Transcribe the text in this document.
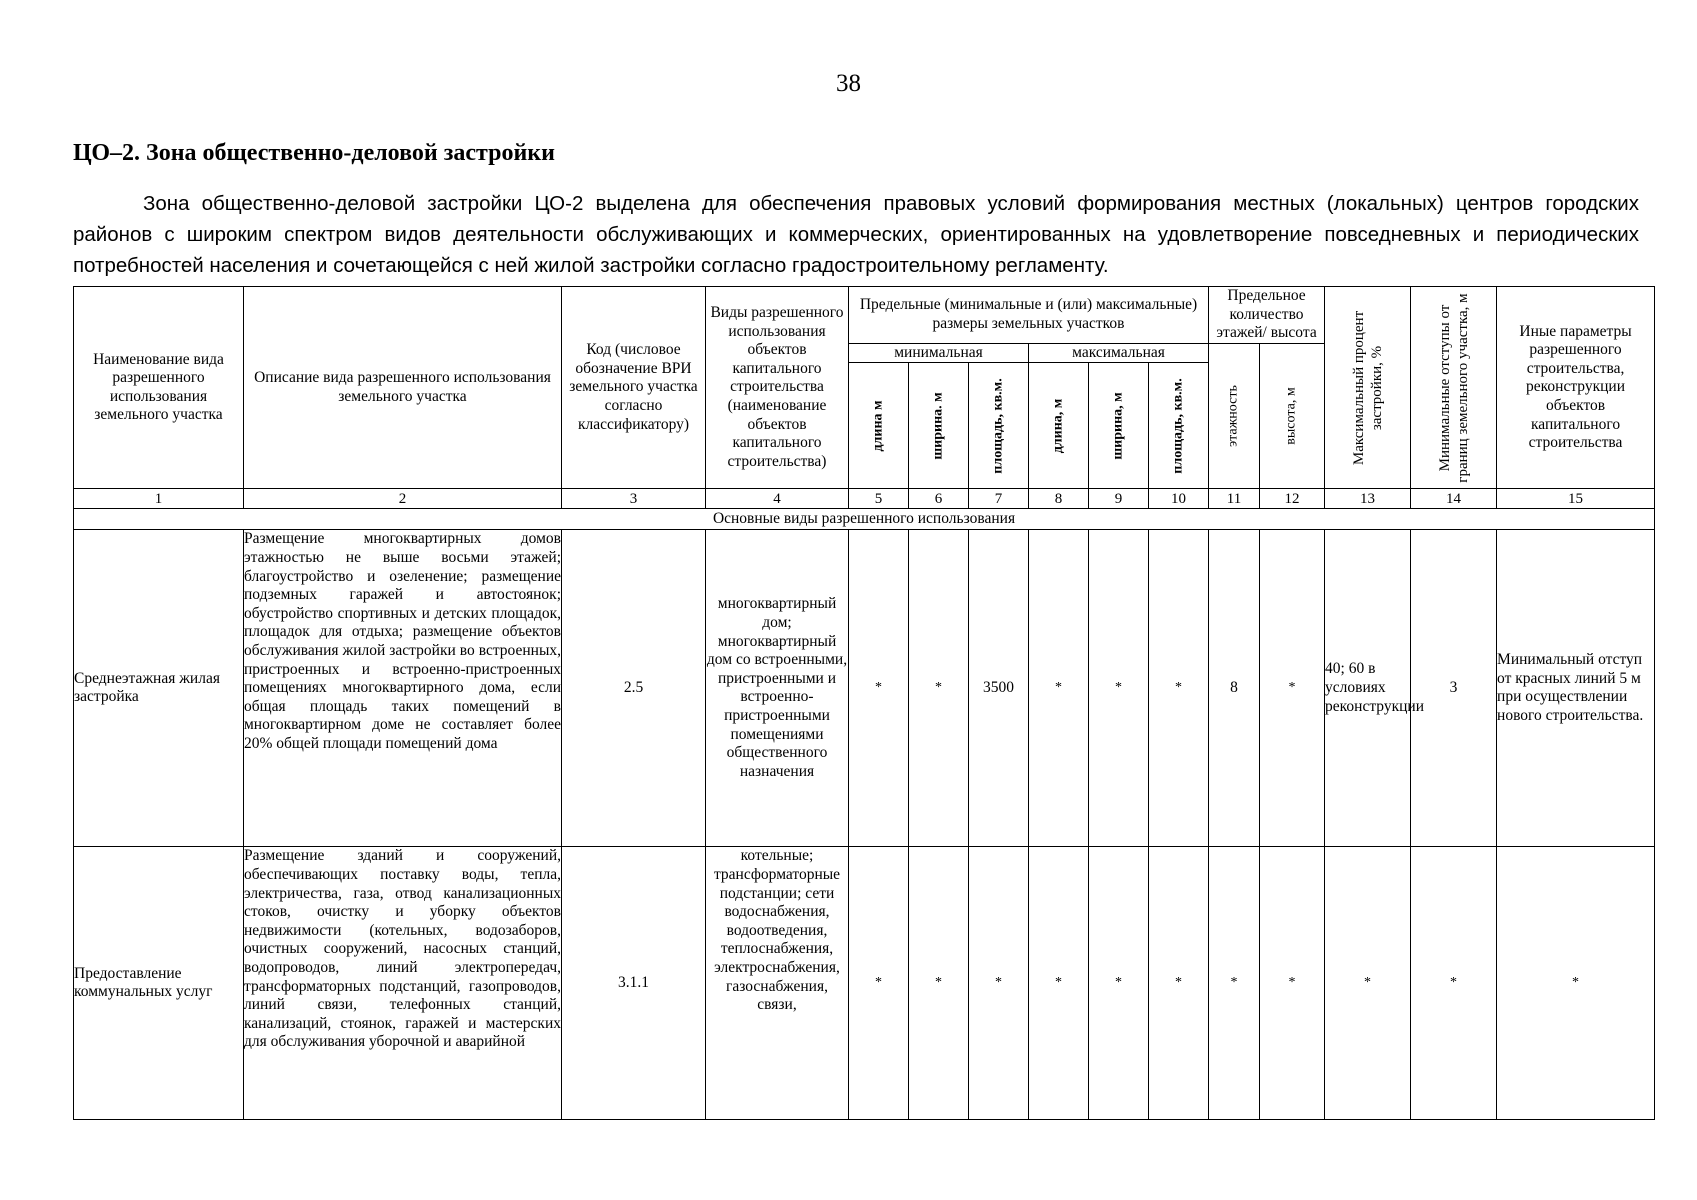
38
ЦО–2. Зона общественно-деловой застройки

Зона общественно-деловой застройки ЦО-2 выделена для обеспечения правовых условий формирования местных (локальных) центров городских районов с широким спектром видов деятельности обслуживающих и коммерческих, ориентированных на удовлетворение повседневных и периодических потребностей населения и сочетающейся с ней жилой застройки согласно градостроительному регламенту.

Наименование вида разрешенного использования земельного участка	Описание вида разрешенного использования земельного участка	Код (числовое обозначение ВРИ земельного участка согласно классификатору)	Виды разрешенного использования объектов капитального строительства (наименование объектов капитального строительства)	Предельные (минимальные и (или) максимальные) размеры земельных участков						Предельное количество этажей/ высота		Максимальный процент застройки, %	Минимальные отступы от границ земельного участка, м	Иные параметры разрешенного строительства, реконструкции объектов капитального строительства
				минимальная			максимальная			этажность	высота, м			

				длина м	ширина. м	площадь, кв.м.	длина, м	ширина, м	площадь, кв.м.					

1	2	3	4	5	6	7	8	9	10	11	12	13	14	15
Основные виды разрешенного использования														
Среднеэтажная жилая застройка	Размещение многоквартирных домов этажностью не выше восьми этажей; благоустройство и озеленение; размещение подземных гаражей и автостоянок; обустройство спортивных и детских площадок, площадок для отдыха; размещение объектов обслуживания жилой застройки во встроенных, пристроенных и встроенно-пристроенных помещениях многоквартирного дома, если общая площадь таких помещений в многоквартирном доме не составляет более 20% общей площади помещений дома	2.5	многоквартирный дом; многоквартирный дом со встроенными, пристроенными и встроенно-пристроенными помещениями общественного назначения	*	*	3500	*	*	*	8	*	40; 60 в условиях реконструкции	3	Минимальный отступ от красных линий 5 м при осуществлении нового строительства.
Предоставление коммунальных услуг	Размещение зданий и сооружений, обеспечивающих поставку воды, тепла, электричества, газа, отвод канализационных стоков, очистку и уборку объектов недвижимости (котельных, водозаборов, очистных сооружений, насосных станций, водопроводов, линий электропередач, трансформаторных подстанций, газопроводов, линий связи, телефонных станций, канализаций, стоянок, гаражей и мастерских для обслуживания уборочной и аварийной	3.1.1	котельные; трансформаторные подстанции; сети водоснабжения, водоотведения, теплоснабжения, электроснабжения, газоснабжения, связи,	*	*	*	*	*	*	*	*	*	*	*
